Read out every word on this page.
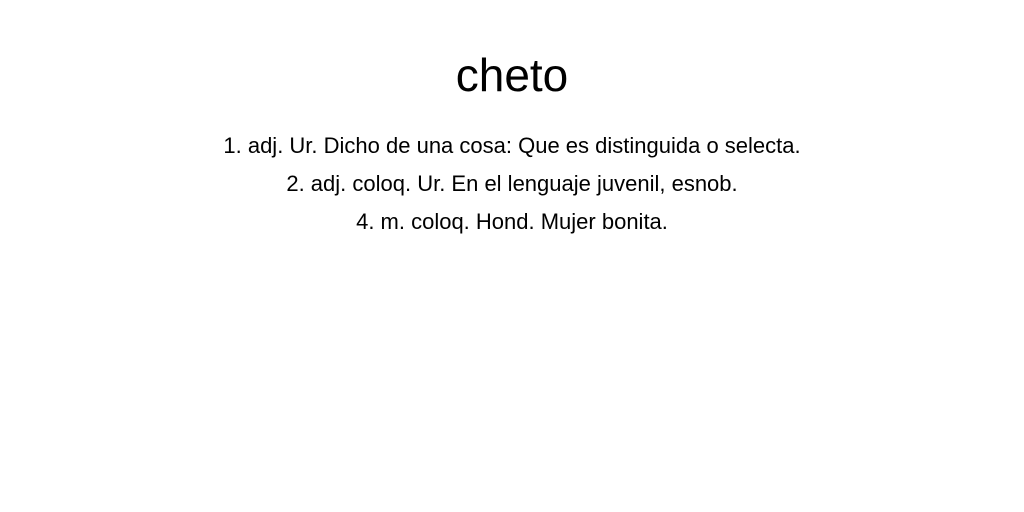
cheto
1. adj. Ur. Dicho de una cosa: Que es distinguida o selecta.
2. adj. coloq. Ur. En el lenguaje juvenil, esnob.
4. m. coloq. Hond. Mujer bonita.
